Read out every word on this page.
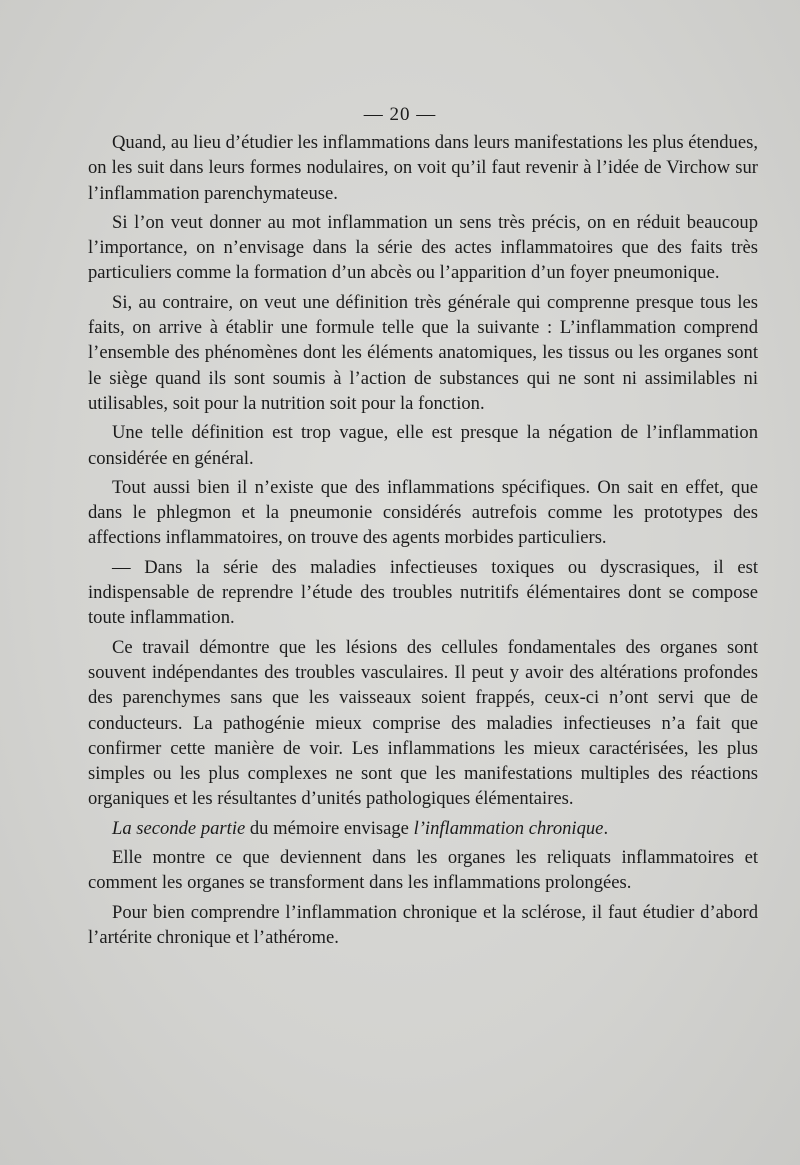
— 20 —

Quand, au lieu d’étudier les inflammations dans leurs manifestations les plus étendues, on les suit dans leurs formes nodulaires, on voit qu’il faut revenir à l’idée de Virchow sur l’inflammation parenchymateuse.

Si l’on veut donner au mot inflammation un sens très précis, on en réduit beaucoup l’importance, on n’envisage dans la série des actes inflammatoires que des faits très particuliers comme la formation d’un abcès ou l’apparition d’un foyer pneumonique.

Si, au contraire, on veut une définition très générale qui comprenne presque tous les faits, on arrive à établir une formule telle que la suivante : L’inflammation comprend l’ensemble des phénomènes dont les éléments anatomiques, les tissus ou les organes sont le siège quand ils sont soumis à l’action de substances qui ne sont ni assimilables ni utilisables, soit pour la nutrition soit pour la fonction.

Une telle définition est trop vague, elle est presque la négation de l’inflammation considérée en général.

Tout aussi bien il n’existe que des inflammations spécifiques. On sait en effet, que dans le phlegmon et la pneumonie considérés autrefois comme les prototypes des affections inflammatoires, on trouve des agents morbides particuliers.

— Dans la série des maladies infectieuses toxiques ou dyscrasiques, il est indispensable de reprendre l’étude des troubles nutritifs élémentaires dont se compose toute inflammation.

Ce travail démontre que les lésions des cellules fondamentales des organes sont souvent indépendantes des troubles vasculaires. Il peut y avoir des altérations profondes des parenchymes sans que les vaisseaux soient frappés, ceux-ci n’ont servi que de conducteurs. La pathogénie mieux comprise des maladies infectieuses n’a fait que confirmer cette manière de voir. Les inflammations les mieux caractérisées, les plus simples ou les plus complexes ne sont que les manifestations multiples des réactions organiques et les résultantes d’unités pathologiques élémentaires.

La seconde partie du mémoire envisage l’inflammation chronique.

Elle montre ce que deviennent dans les organes les reliquats inflammatoires et comment les organes se transforment dans les inflammations prolongées.

Pour bien comprendre l’inflammation chronique et la sclérose, il faut étudier d’abord l’artérite chronique et l’athérome.
